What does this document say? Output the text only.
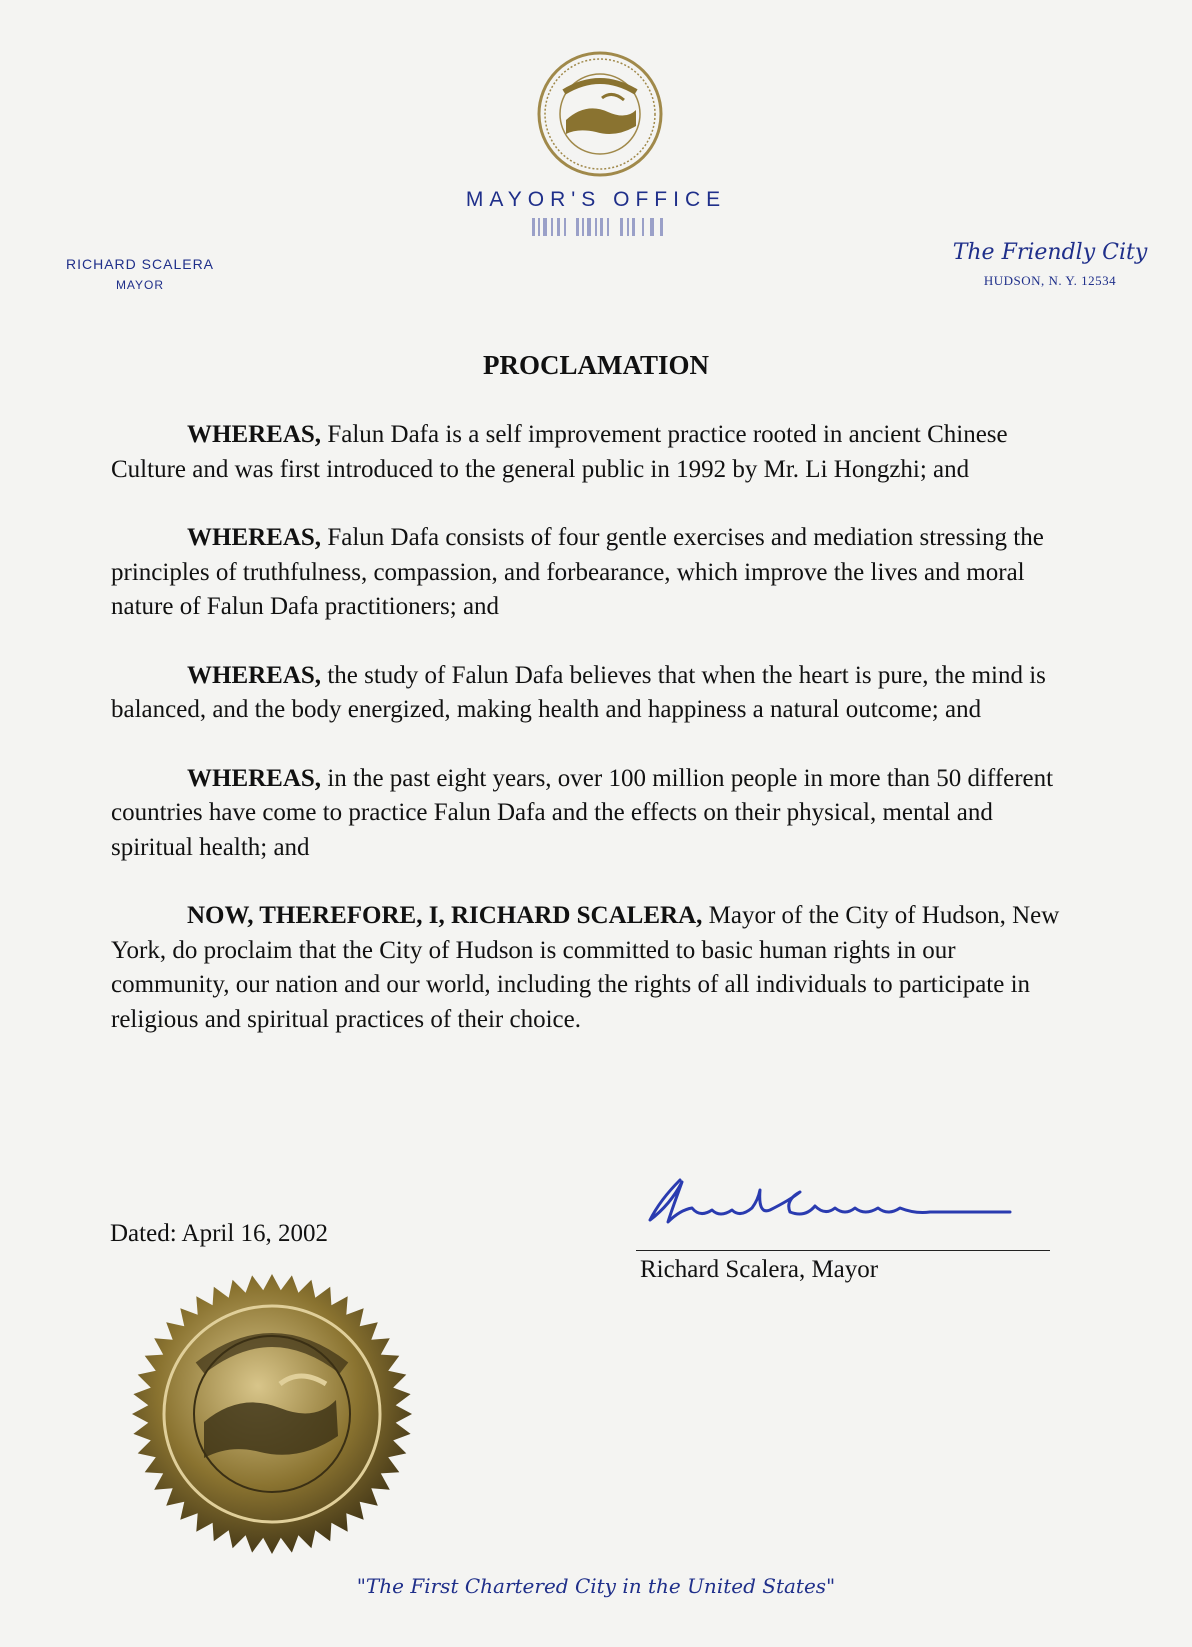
MAYOR'S OFFICE
RICHARD SCALERA
MAYOR
The Friendly City
HUDSON, N. Y. 12534
PROCLAMATION

WHEREAS, Falun Dafa is a self improvement practice rooted in ancient Chinese Culture and was first introduced to the general public in 1992 by Mr. Li Hongzhi; and

WHEREAS, Falun Dafa consists of four gentle exercises and mediation stressing the principles of truthfulness, compassion, and forbearance, which improve the lives and moral nature of Falun Dafa practitioners; and

WHEREAS, the study of Falun Dafa believes that when the heart is pure, the mind is balanced, and the body energized, making health and happiness a natural outcome; and

WHEREAS, in the past eight years, over 100 million people in more than 50 different countries have come to practice Falun Dafa and the effects on their physical, mental and spiritual health; and

NOW, THEREFORE, I, RICHARD SCALERA, Mayor of the City of Hudson, New York, do proclaim that the City of Hudson is committed to basic human rights in our community, our nation and our world, including the rights of all individuals to participate in religious and spiritual practices of their choice.

Dated: April 16, 2002
Richard Scalera, Mayor
"The First Chartered City in the United States"
